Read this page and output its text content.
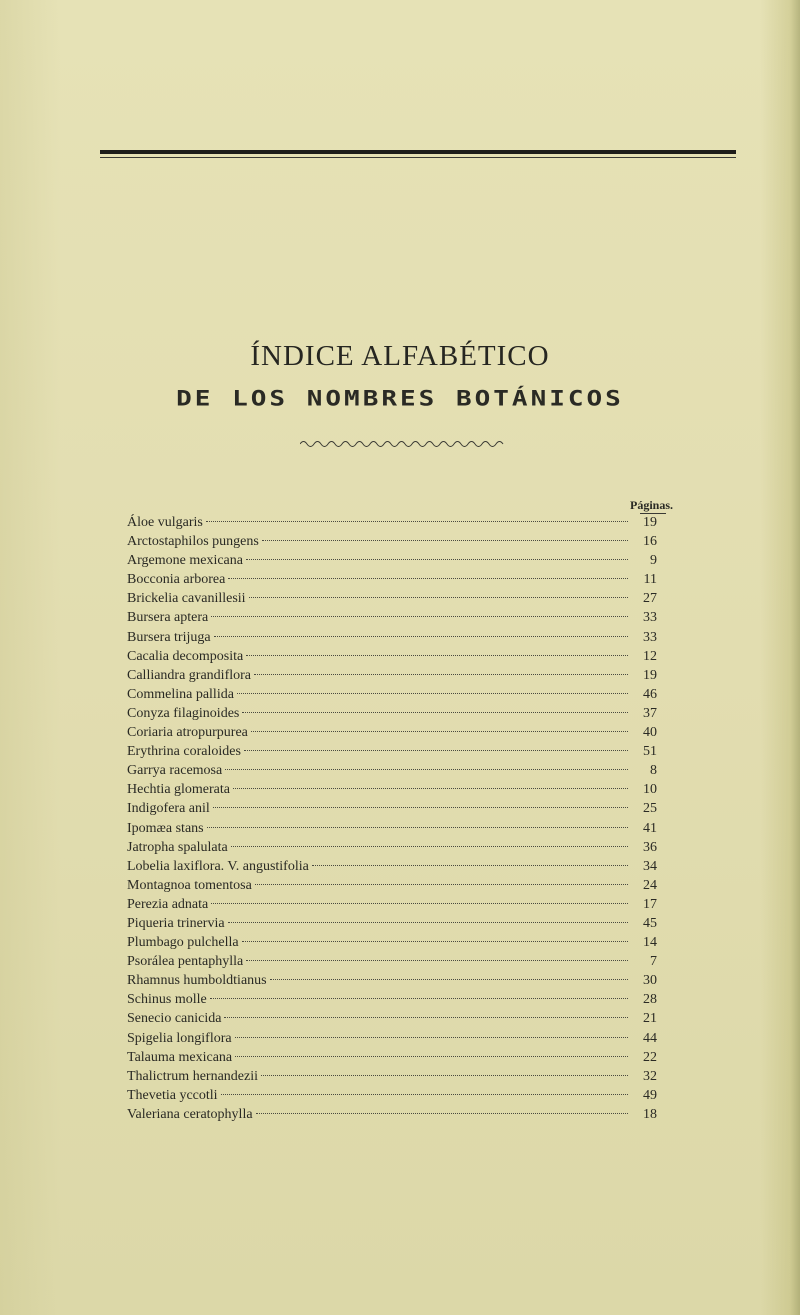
ÍNDICE ALFABÉTICO
DE LOS NOMBRES BOTÁNICOS
Páginas.
Áloe vulgaris	19
Arctostaphilos pungens	16
Argemone mexicana	9
Bocconia arborea	11
Brickelia cavanillesii	27
Bursera aptera	33
Bursera trijuga	33
Cacalia decomposita	12
Calliandra grandiflora	19
Commelina pallida	46
Conyza filaginoides	37
Coriaria atropurpurea	40
Erythrina coraloides	51
Garrya racemosa	8
Hechtia glomerata	10
Indigofera anil	25
Ipomæa stans	41
Jatropha spalulata	36
Lobelia laxiflora. V. angustifolia	34
Montagnoa tomentosa	24
Perezia adnata	17
Piqueria trinervia	45
Plumbago pulchella	14
Psorálea pentaphylla	7
Rhamnus humboldtianus	30
Schinus molle	28
Senecio canicida	21
Spigelia longiflora	44
Talauma mexicana	22
Thalictrum hernandezii	32
Thevetia yccotli	49
Valeriana ceratophylla	18
